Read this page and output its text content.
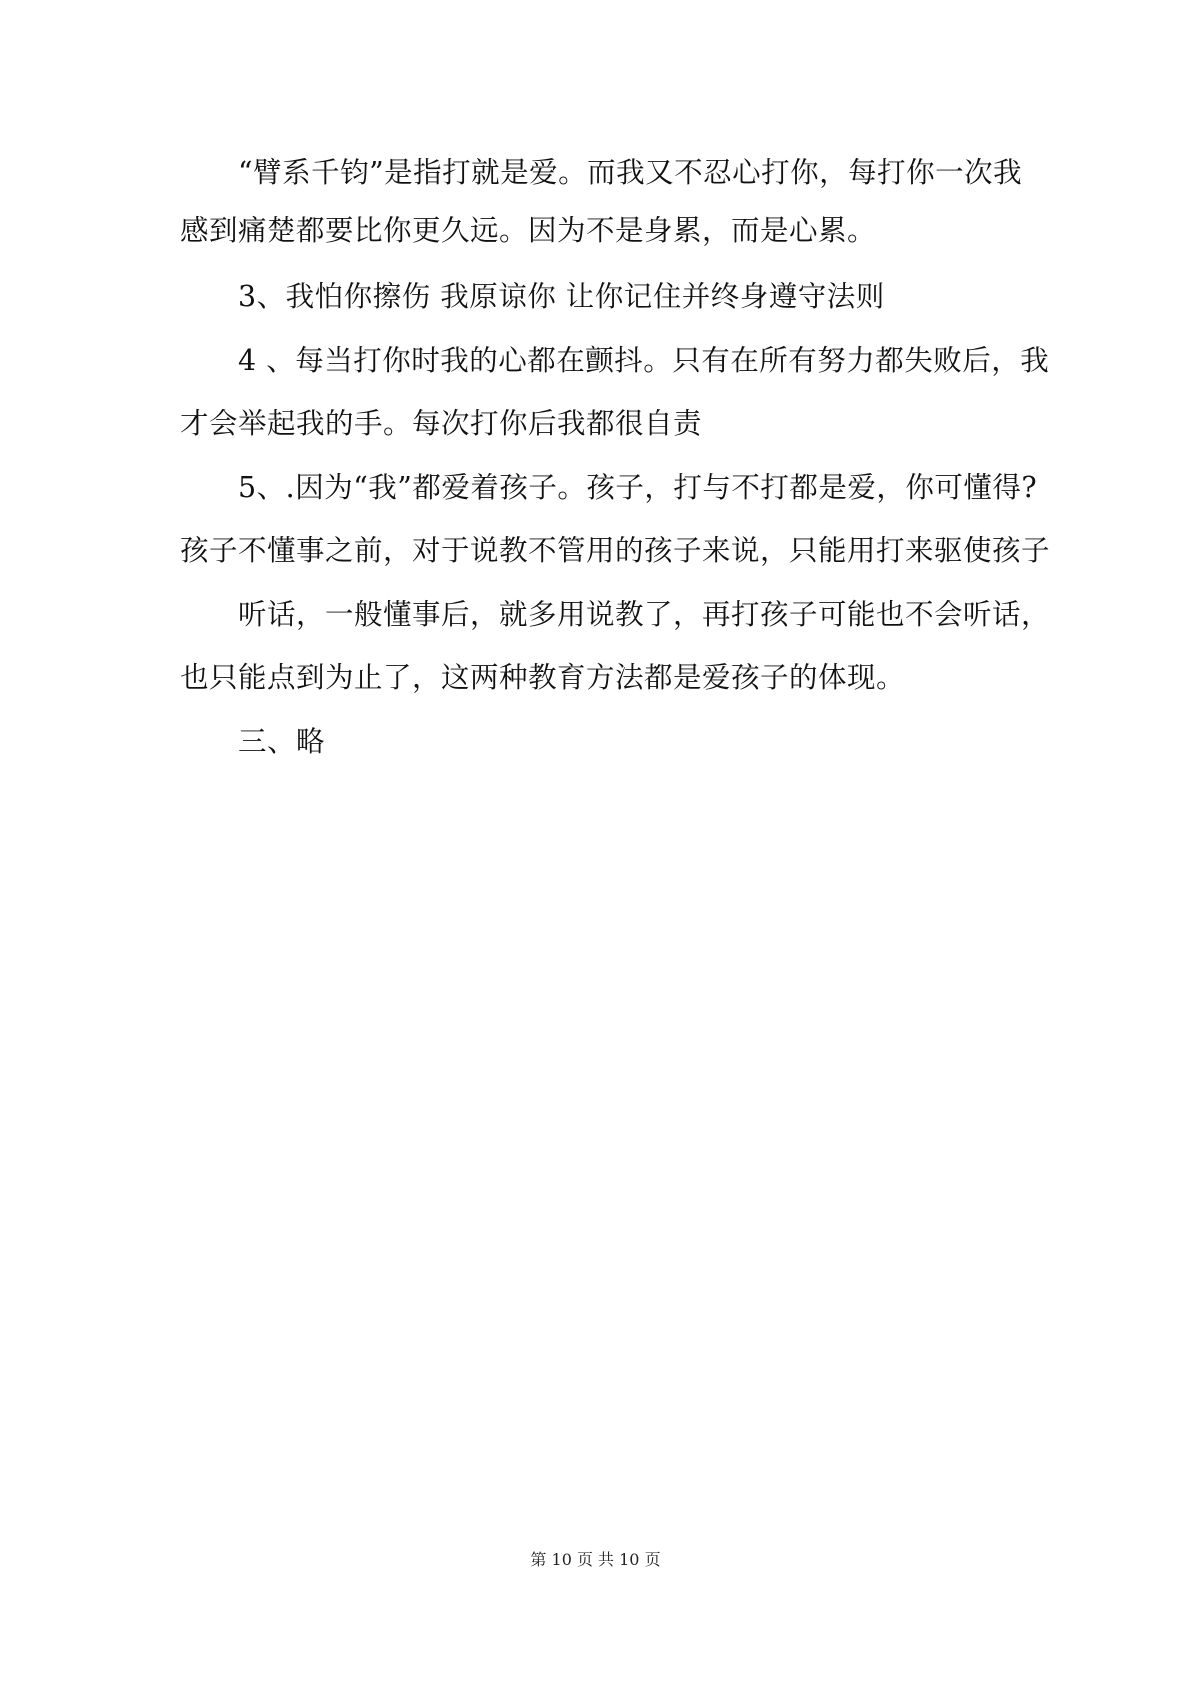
“臂系千钧”是指打就是爱。而我又不忍心打你，每打你一次我
感到痛楚都要比你更久远。因为不是身累，而是心累。
3、我怕你擦伤 我原谅你 让你记住并终身遵守法则
4 、每当打你时我的心都在颤抖。只有在所有努力都失败后，我
才会举起我的手。每次打你后我都很自责
5、.因为“我”都爱着孩子。孩子，打与不打都是爱，你可懂得?
孩子不懂事之前，对于说教不管用的孩子来说，只能用打来驱使孩子
听话，一般懂事后，就多用说教了，再打孩子可能也不会听话，
也只能点到为止了，这两种教育方法都是爱孩子的体现。
三、略
第 10 页 共 10 页
